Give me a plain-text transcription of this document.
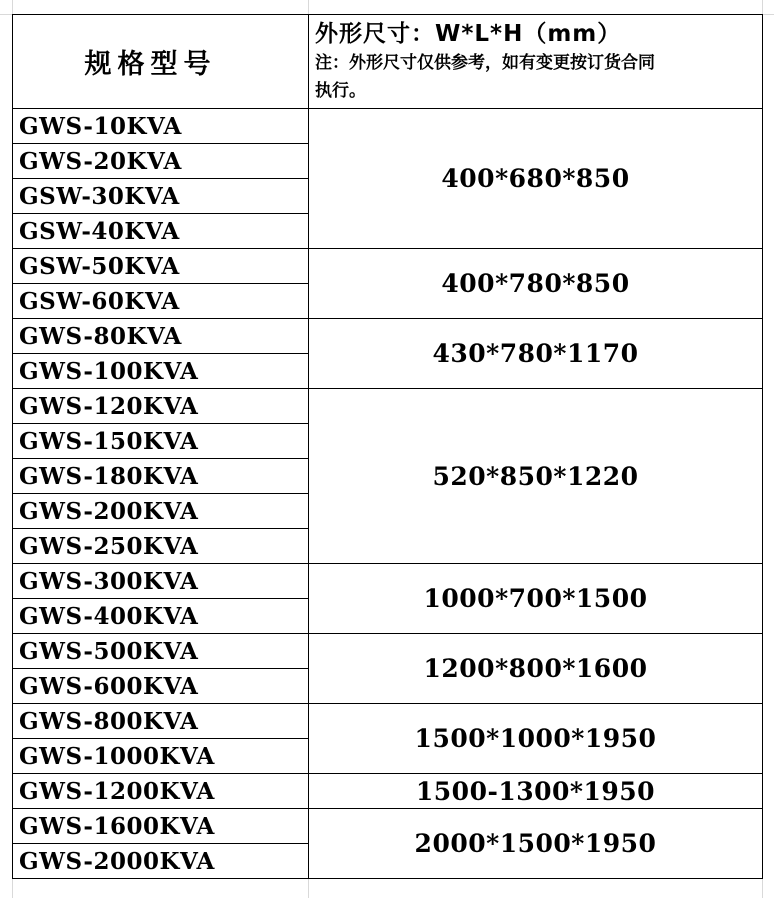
规格型号	外形尺寸：W*L*H（mm）
注：外形尺寸仅供参考，如有变更按订货合同执行。

GWS-10KVA	400*680*850
GWS-20KVA	
GSW-30KVA	
GSW-40KVA	
GSW-50KVA	400*780*850
GSW-60KVA	
GWS-80KVA	430*780*1170
GWS-100KVA	
GWS-120KVA	520*850*1220
GWS-150KVA	
GWS-180KVA	
GWS-200KVA	
GWS-250KVA	
GWS-300KVA	1000*700*1500
GWS-400KVA	
GWS-500KVA	1200*800*1600
GWS-600KVA	
GWS-800KVA	1500*1000*1950
GWS-1000KVA	
GWS-1200KVA	1500-1300*1950
GWS-1600KVA	2000*1500*1950
GWS-2000KVA	
